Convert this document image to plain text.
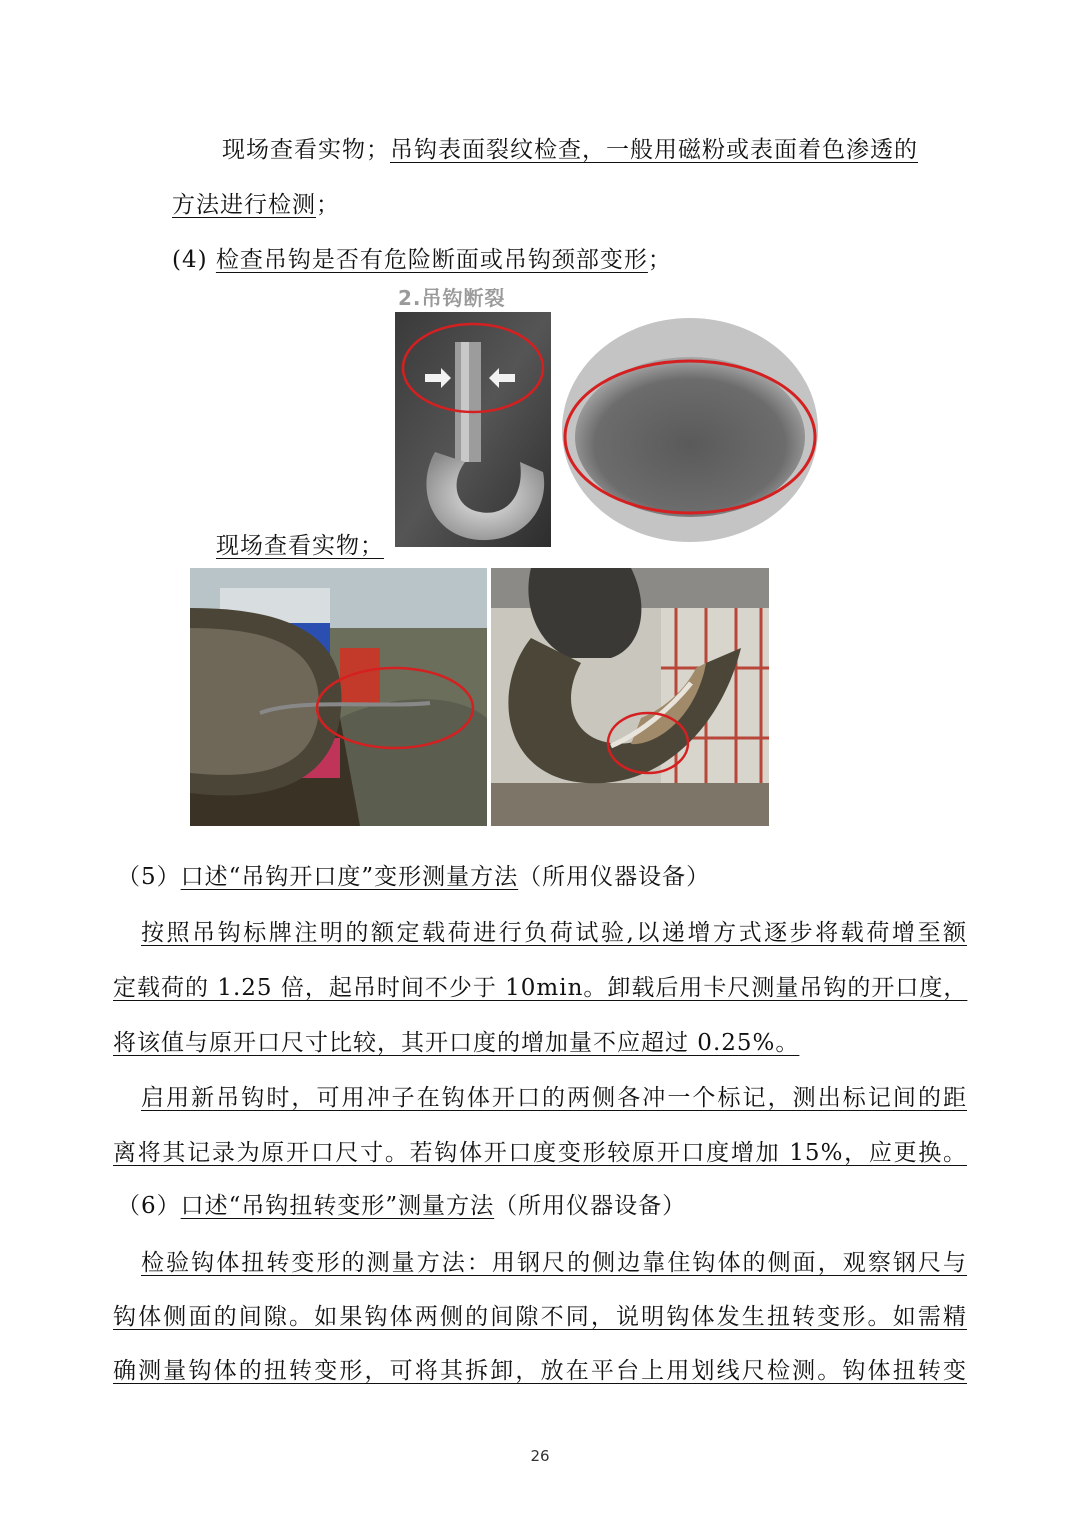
现场查看实物；吊钩表面裂纹检查，一般用磁粉或表面着色渗透的
方法进行检测；
(4) 检查吊钩是否有危险断面或吊钩颈部变形；
2.吊钩断裂
现场查看实物；
（5）口述“吊钩开口度”变形测量方法（所用仪器设备）
按照吊钩标牌注明的额定载荷进行负荷试验,以递增方式逐步将载荷增至额
定载荷的 1.25 倍，起吊时间不少于 10min。卸载后用卡尺测量吊钩的开口度，
将该值与原开口尺寸比较，其开口度的增加量不应超过 0.25%。
启用新吊钩时，可用冲子在钩体开口的两侧各冲一个标记，测出标记间的距
离将其记录为原开口尺寸。若钩体开口度变形较原开口度增加 15%，应更换。
（6）口述“吊钩扭转变形”测量方法（所用仪器设备）
检验钩体扭转变形的测量方法：用钢尺的侧边靠住钩体的侧面，观察钢尺与
钩体侧面的间隙。如果钩体两侧的间隙不同，说明钩体发生扭转变形。如需精
确测量钩体的扭转变形，可将其拆卸，放在平台上用划线尺检测。钩体扭转变
26
